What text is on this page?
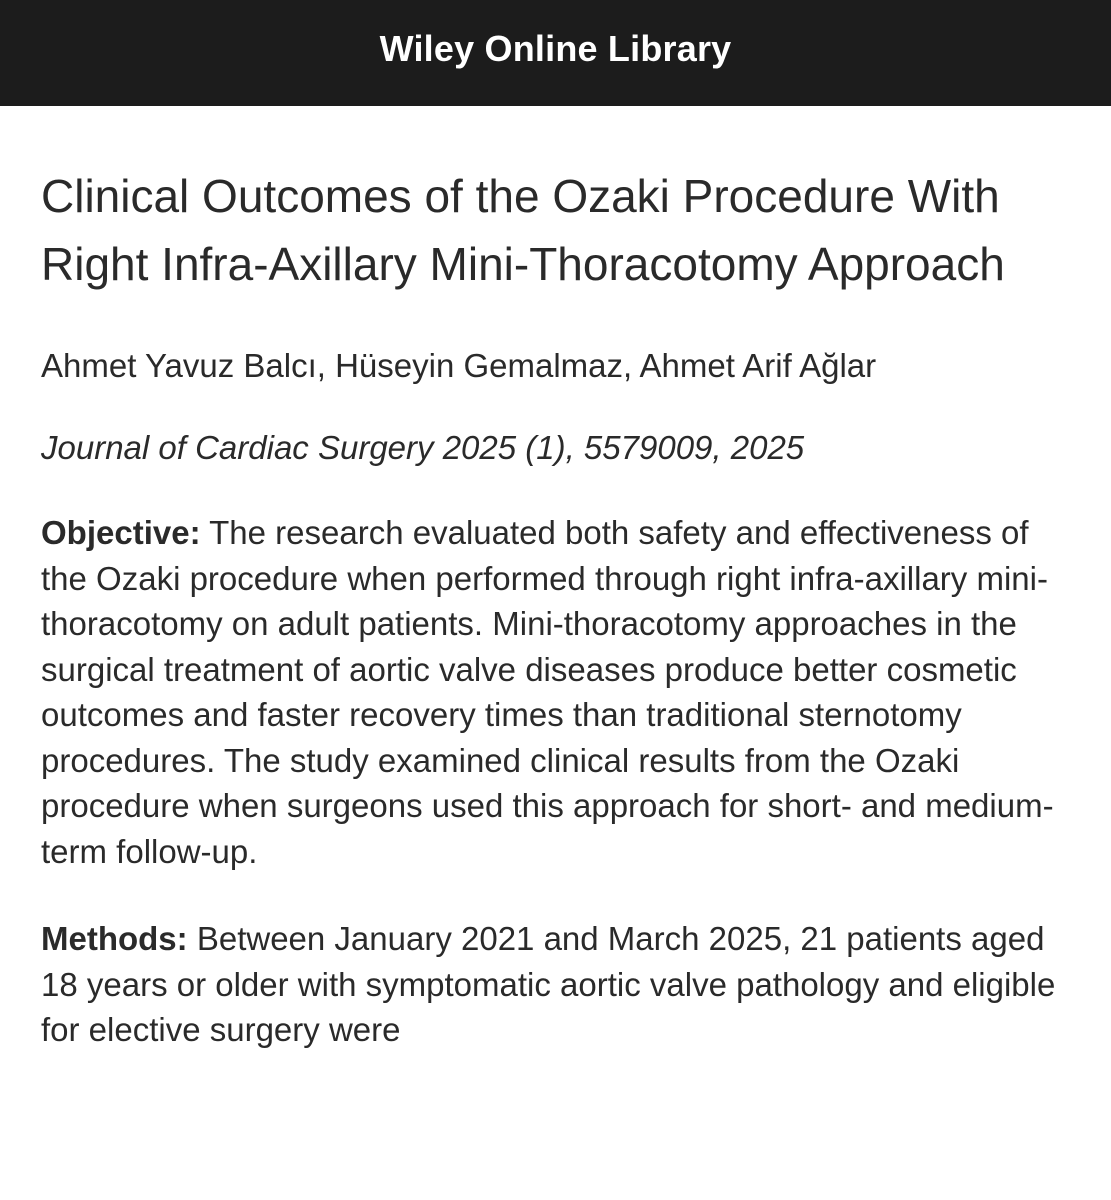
Wiley Online Library
Clinical Outcomes of the Ozaki Procedure With Right Infra-Axillary Mini-Thoracotomy Approach

Ahmet Yavuz Balcı, Hüseyin Gemalmaz, Ahmet Arif Ağlar

Journal of Cardiac Surgery 2025 (1), 5579009, 2025

Objective: The research evaluated both safety and effectiveness of the Ozaki procedure when performed through right infra-axillary mini-thoracotomy on adult patients. Mini-thoracotomy approaches in the surgical treatment of aortic valve diseases produce better cosmetic outcomes and faster recovery times than traditional sternotomy procedures. The study examined clinical results from the Ozaki procedure when surgeons used this approach for short- and medium-term follow-up.

Methods: Between January 2021 and March 2025, 21 patients aged 18 years or older with symptomatic aortic valve pathology and eligible for elective surgery were
